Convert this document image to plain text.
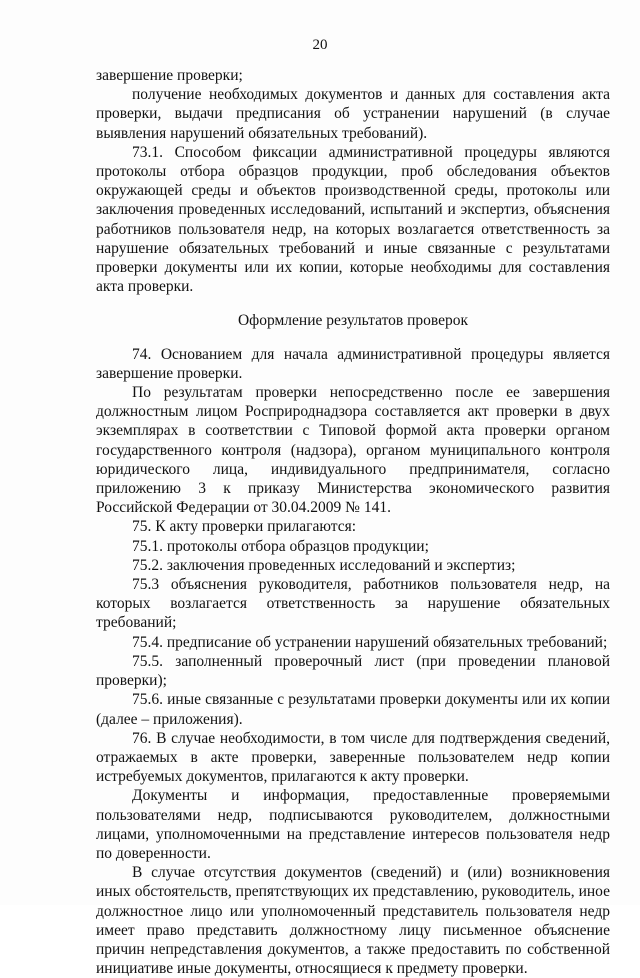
20

завершение проверки;

получение необходимых документов и данных для составления акта проверки, выдачи предписания об устранении нарушений (в случае выявления нарушений обязательных требований).

73.1. Способом фиксации административной процедуры являются протоколы отбора образцов продукции, проб обследования объектов окружающей среды и объектов производственной среды, протоколы или заключения проведенных исследований, испытаний и экспертиз, объяснения работников пользователя недр, на которых возлагается ответственность за нарушение обязательных требований и иные связанные с результатами проверки документы или их копии, которые необходимы для составления акта проверки.

Оформление результатов проверок

74. Основанием для начала административной процедуры является завершение проверки.

По результатам проверки непосредственно после ее завершения должностным лицом Росприроднадзора составляется акт проверки в двух экземплярах в соответствии с Типовой формой акта проверки органом государственного контроля (надзора), органом муниципального контроля юридического лица, индивидуального предпринимателя, согласно приложению 3 к приказу Министерства экономического развития Российской Федерации от 30.04.2009 № 141.

75. К акту проверки прилагаются:

75.1. протоколы отбора образцов продукции;

75.2. заключения проведенных исследований и экспертиз;

75.3 объяснения руководителя, работников пользователя недр, на которых возлагается ответственность за нарушение обязательных требований;

75.4. предписание об устранении нарушений обязательных требований;

75.5. заполненный проверочный лист (при проведении плановой проверки);

75.6. иные связанные с результатами проверки документы или их копии (далее – приложения).

76. В случае необходимости, в том числе для подтверждения сведений, отражаемых в акте проверки, заверенные пользователем недр копии истребуемых документов, прилагаются к акту проверки.

Документы и информация, предоставленные проверяемыми пользователями недр, подписываются руководителем, должностными лицами, уполномоченными на представление интересов пользователя недр по доверенности.

В случае отсутствия документов (сведений) и (или) возникновения иных обстоятельств, препятствующих их представлению, руководитель, иное должностное лицо или уполномоченный представитель пользователя недр имеет право представить должностному лицу письменное объяснение причин непредставления документов, а также предоставить по собственной инициативе иные документы, относящиеся к предмету проверки.
